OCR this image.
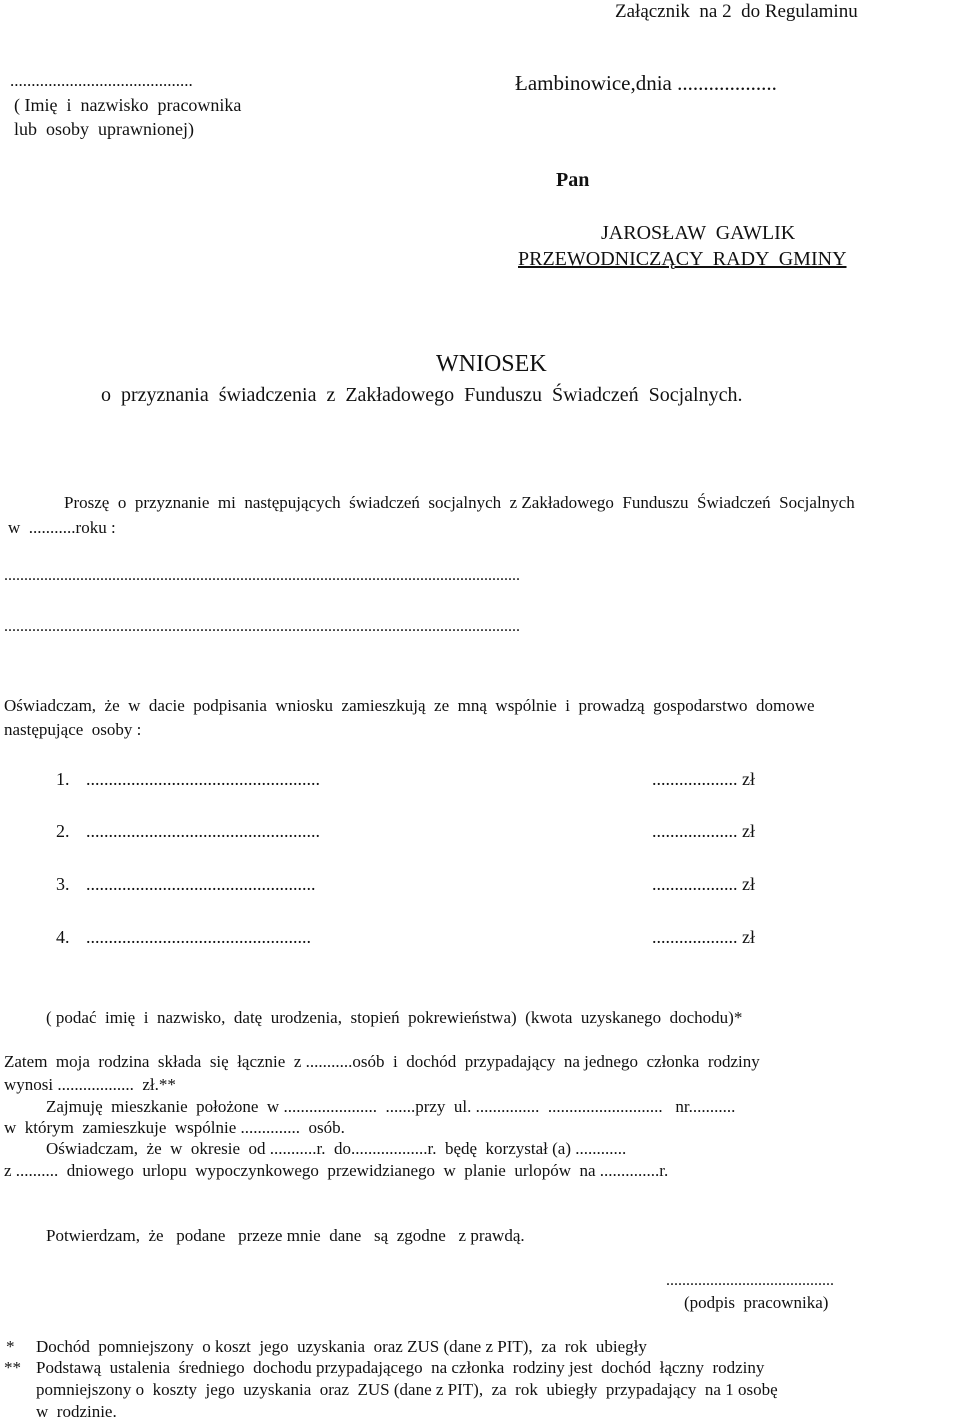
Załącznik  na 2  do Regulaminu
...........................................	Łambinowice,dnia ...................
( Imię  i  nazwisko  pracownika
lub  osoby  uprawnionej)
Pan
JAROSŁAW  GAWLIK
PRZEWODNICZĄCY  RADY  GMINY
WNIOSEK
o  przyznania  świadczenia  z  Zakładowego  Funduszu  Świadczeń  Socjalnych.
Proszę  o  przyznanie  mi  następujących  świadczeń  socjalnych  z Zakładowego  Funduszu  Świadczeń  Socjalnych
w  ...........roku :
.................................................................................................................................
.................................................................................................................................
Oświadczam,  że  w  dacie  podpisania  wniosku  zamieszkują  ze  mną  wspólnie  i  prowadzą  gospodarstwo  domowe
następujące  osoby :
1. ....................................................	................... zł
2. ....................................................	................... zł
3. ...................................................	................... zł
4. ..................................................	................... zł
( podać  imię  i  nazwisko,  datę  urodzenia,  stopień  pokrewieństwa)  (kwota  uzyskanego  dochodu)*
Zatem  moja  rodzina  składa  się  łącznie  z ...........osób  i  dochód  przypadający  na jednego  członka  rodziny
wynosi ..................  zł.**
Zajmuję  mieszkanie  położone  w ......................  .......przy  ul. ...............  ...........................   nr...........
w  którym  zamieszkuje  wspólnie ..............  osób.
Oświadczam,  że  w  okresie  od ...........r.  do..................r.  będę  korzystał (a) ............
z ..........  dniowego  urlopu  wypoczynkowego  przewidzianego  w  planie  urlopów  na ..............r.
Potwierdzam,  że   podane   przeze mnie  dane   są  zgodne   z prawdą.
..........................................
(podpis  pracownika)
* Dochód  pomniejszony  o koszt  jego  uzyskania  oraz ZUS (dane z PIT),  za  rok  ubiegły
** Podstawą  ustalenia  średniego  dochodu przypadającego  na członka  rodziny jest  dochód  łączny  rodziny
pomniejszony o  koszty  jego  uzyskania  oraz  ZUS (dane z PIT),  za  rok  ubiegły  przypadający  na 1 osobę
w  rodzinie.
